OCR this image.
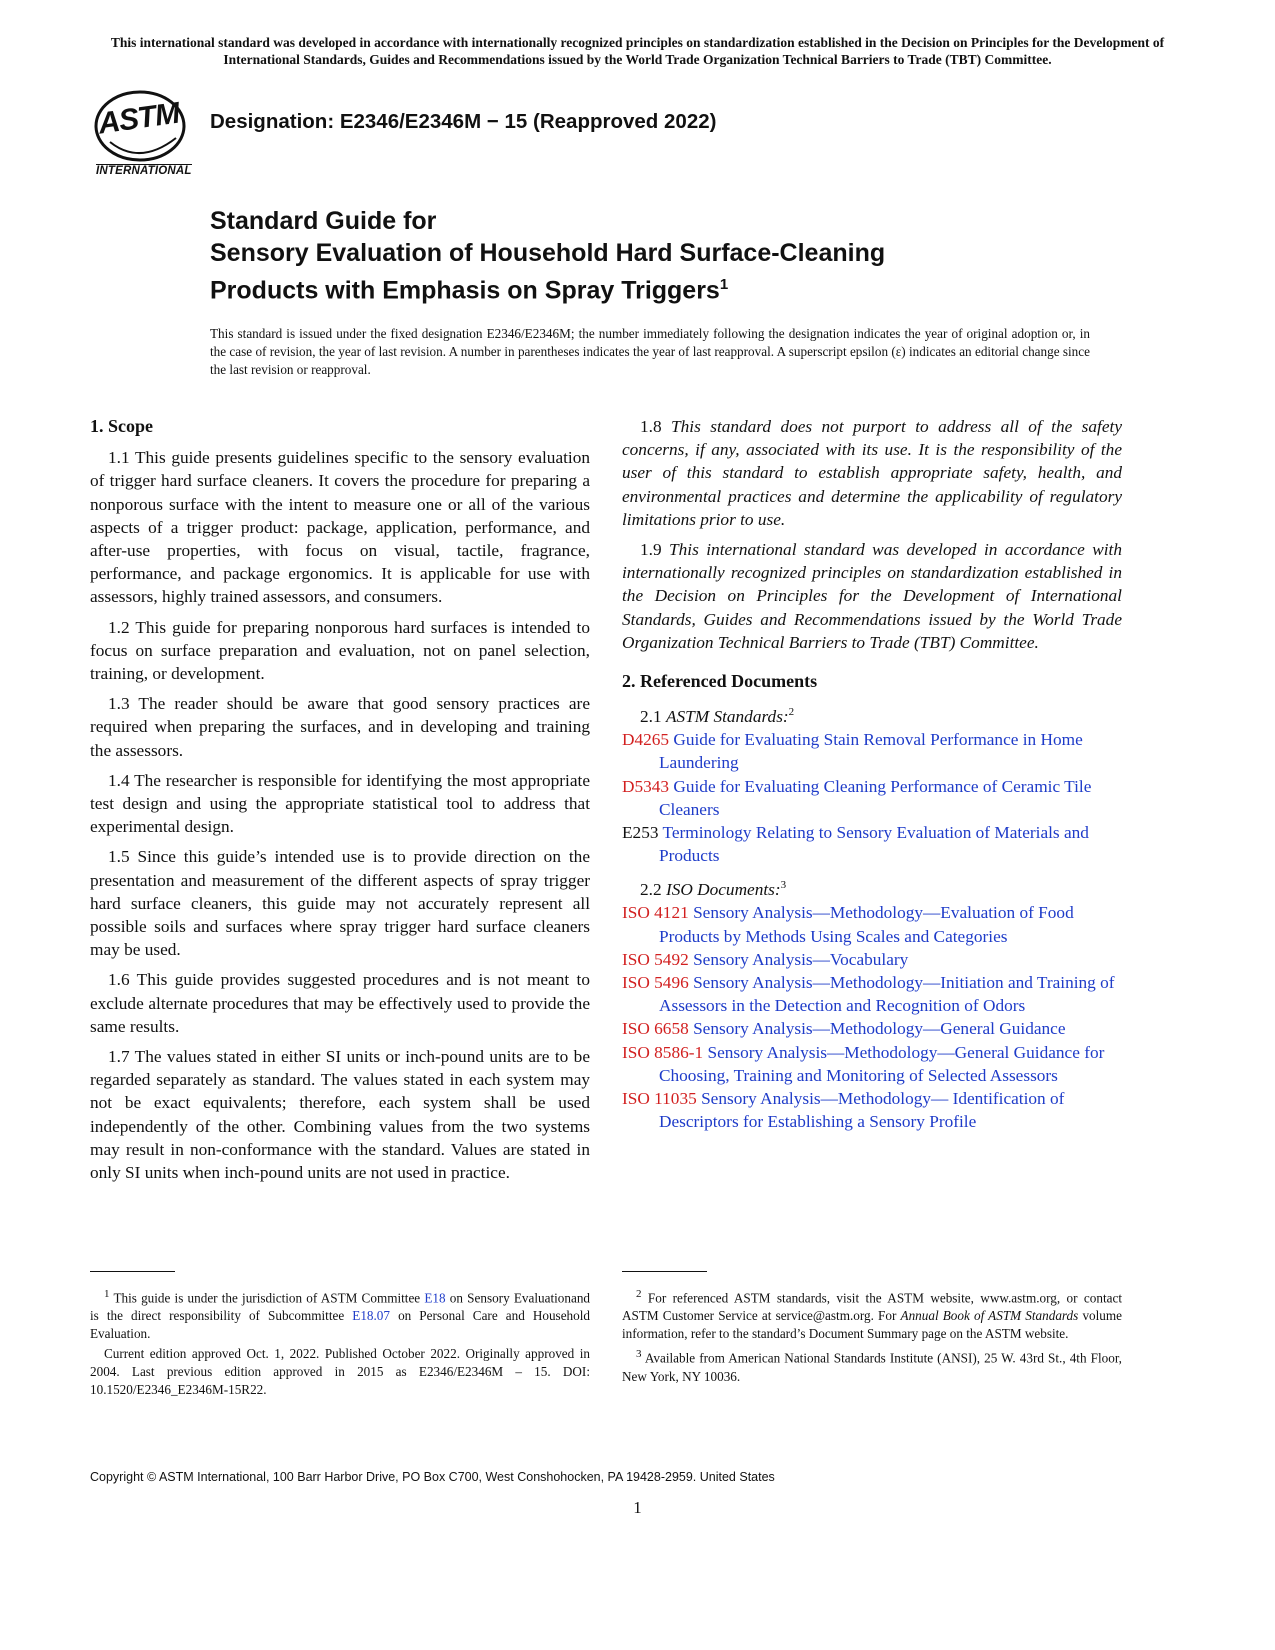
This international standard was developed in accordance with internationally recognized principles on standardization established in the Decision on Principles for the Development of International Standards, Guides and Recommendations issued by the World Trade Organization Technical Barriers to Trade (TBT) Committee.
ASTM
INTERNATIONAL
Designation: E2346/E2346M − 15 (Reapproved 2022)
Standard Guide for
Sensory Evaluation of Household Hard Surface-Cleaning
Products with Emphasis on Spray Triggers$^1$
This standard is issued under the fixed designation E2346/E2346M; the number immediately following the designation indicates the year of original adoption or, in the case of revision, the year of last revision. A number in parentheses indicates the year of last reapproval. A superscript epsilon (ε) indicates an editorial change since the last revision or reapproval.
1. Scope

1.1 This guide presents guidelines specific to the sensory evaluation of trigger hard surface cleaners. It covers the procedure for preparing a nonporous surface with the intent to measure one or all of the various aspects of a trigger product: package, application, performance, and after-use properties, with focus on visual, tactile, fragrance, performance, and package ergonomics. It is applicable for use with assessors, highly trained assessors, and consumers.

1.2 This guide for preparing nonporous hard surfaces is intended to focus on surface preparation and evaluation, not on panel selection, training, or development.

1.3 The reader should be aware that good sensory practices are required when preparing the surfaces, and in developing and training the assessors.

1.4 The researcher is responsible for identifying the most appropriate test design and using the appropriate statistical tool to address that experimental design.

1.5 Since this guide’s intended use is to provide direction on the presentation and measurement of the different aspects of spray trigger hard surface cleaners, this guide may not accurately represent all possible soils and surfaces where spray trigger hard surface cleaners may be used.

1.6 This guide provides suggested procedures and is not meant to exclude alternate procedures that may be effectively used to provide the same results.

1.7 The values stated in either SI units or inch-pound units are to be regarded separately as standard. The values stated in each system may not be exact equivalents; therefore, each system shall be used independently of the other. Combining values from the two systems may result in non-conformance with the standard. Values are stated in only SI units when inch-pound units are not used in practice.

1.8 This standard does not purport to address all of the safety concerns, if any, associated with its use. It is the responsibility of the user of this standard to establish appropriate safety, health, and environmental practices and determine the applicability of regulatory limitations prior to use.

1.9 This international standard was developed in accordance with internationally recognized principles on standardization established in the Decision on Principles for the Development of International Standards, Guides and Recommendations issued by the World Trade Organization Technical Barriers to Trade (TBT) Committee.

2. Referenced Documents

2.1 ASTM Standards:$^2$

D4265 Guide for Evaluating Stain Removal Performance in Home Laundering
D5343 Guide for Evaluating Cleaning Performance of Ceramic Tile Cleaners
E253 Terminology Relating to Sensory Evaluation of Materials and Products

2.2 ISO Documents:$^3$

ISO 4121 Sensory Analysis—Methodology—Evaluation of Food Products by Methods Using Scales and Categories
ISO 5492 Sensory Analysis—Vocabulary
ISO 5496 Sensory Analysis—Methodology—Initiation and Training of Assessors in the Detection and Recognition of Odors
ISO 6658 Sensory Analysis—Methodology—General Guidance
ISO 8586-1 Sensory Analysis—Methodology—General Guidance for Choosing, Training and Monitoring of Selected Assessors
ISO 11035 Sensory Analysis—Methodology— Identification of Descriptors for Establishing a Sensory Profile

$^1$ This guide is under the jurisdiction of ASTM Committee E18 on Sensory Evaluationand is the direct responsibility of Subcommittee E18.07 on Personal Care and Household Evaluation.

Current edition approved Oct. 1, 2022. Published October 2022. Originally approved in 2004. Last previous edition approved in 2015 as E2346/E2346M – 15. DOI: 10.1520/E2346_E2346M-15R22.

$^2$ For referenced ASTM standards, visit the ASTM website, www.astm.org, or contact ASTM Customer Service at service@astm.org. For Annual Book of ASTM Standards volume information, refer to the standard’s Document Summary page on the ASTM website.

$^3$ Available from American National Standards Institute (ANSI), 25 W. 43rd St., 4th Floor, New York, NY 10036.

Copyright © ASTM International, 100 Barr Harbor Drive, PO Box C700, West Conshohocken, PA 19428-2959. United States
1
